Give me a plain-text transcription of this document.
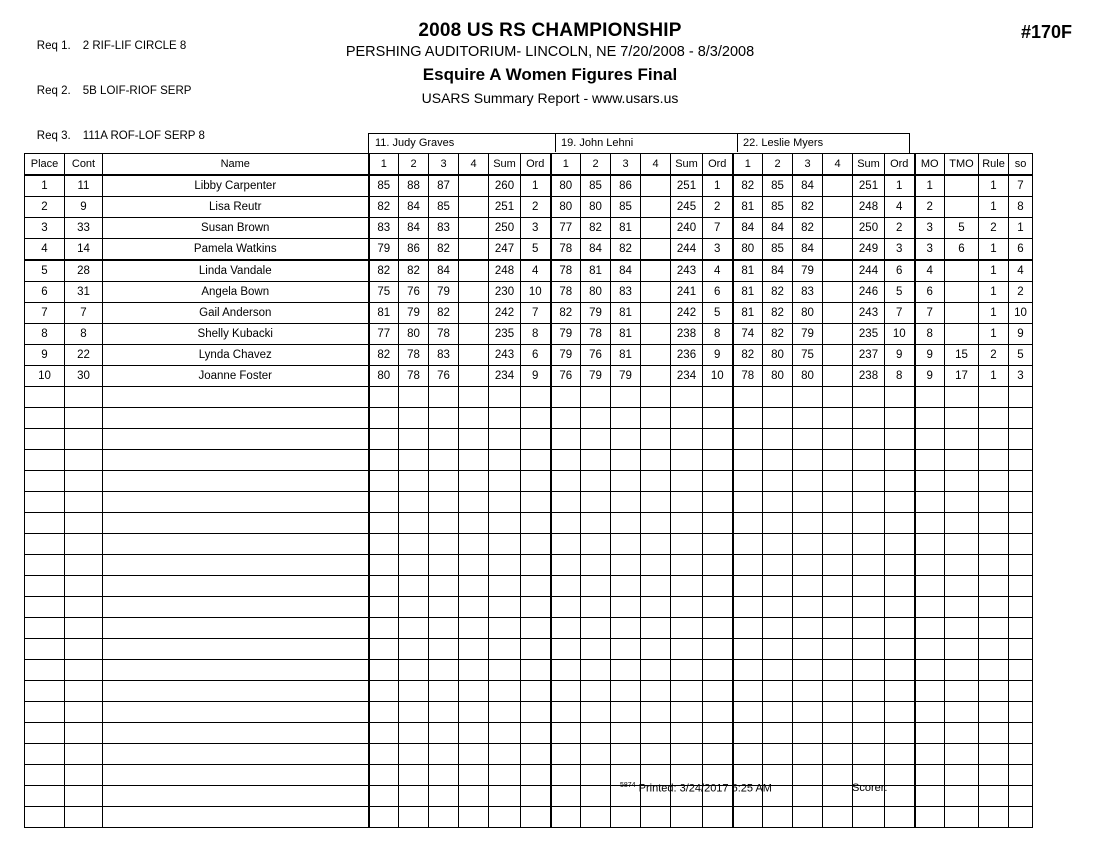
Req 1. 2 RIF-LIF CIRCLE 8

Req 2. 5B LOIF-RIOF SERP

Req 3. 111A ROF-LOF SERP 8

2008 US RS CHAMPIONSHIP
PERSHING AUDITORIUM- LINCOLN, NE 7/20/2008 - 8/3/2008
Esquire A Women Figures Final
USARS Summary Report - www.usars.us
#170F
11. Judy Graves	19. John Lehni	22. Leslie Myers
Place	Cont	Name	1	2	3	4	Sum	Ord	1	2	3	4	Sum	Ord	1	2	3	4	Sum	Ord	MO	TMO	Rule	so
1	11	Libby Carpenter	85	88	87		260	1	80	85	86		251	1	82	85	84		251	1	1		1	7
2	9	Lisa Reutr	82	84	85		251	2	80	80	85		245	2	81	85	82		248	4	2		1	8
3	33	Susan Brown	83	84	83		250	3	77	82	81		240	7	84	84	82		250	2	3	5	2	1
4	14	Pamela Watkins	79	86	82		247	5	78	84	82		244	3	80	85	84		249	3	3	6	1	6
5	28	Linda Vandale	82	82	84		248	4	78	81	84		243	4	81	84	79		244	6	4		1	4
6	31	Angela Bown	75	76	79		230	10	78	80	83		241	6	81	82	83		246	5	6		1	2
7	7	Gail Anderson	81	79	82		242	7	82	79	81		242	5	81	82	80		243	7	7		1	10
8	8	Shelly Kubacki	77	80	78		235	8	79	78	81		238	8	74	82	79		235	10	8		1	9
9	22	Lynda Chavez	82	78	83		243	6	79	76	81		236	9	82	80	75		237	9	9	15	2	5
10	30	Joanne Foster	80	78	76		234	9	76	79	79		234	10	78	80	80		238	8	9	17	1	3

$^{5874}$ Printed: 3/24/2017 6:25 AM	Scorer:
